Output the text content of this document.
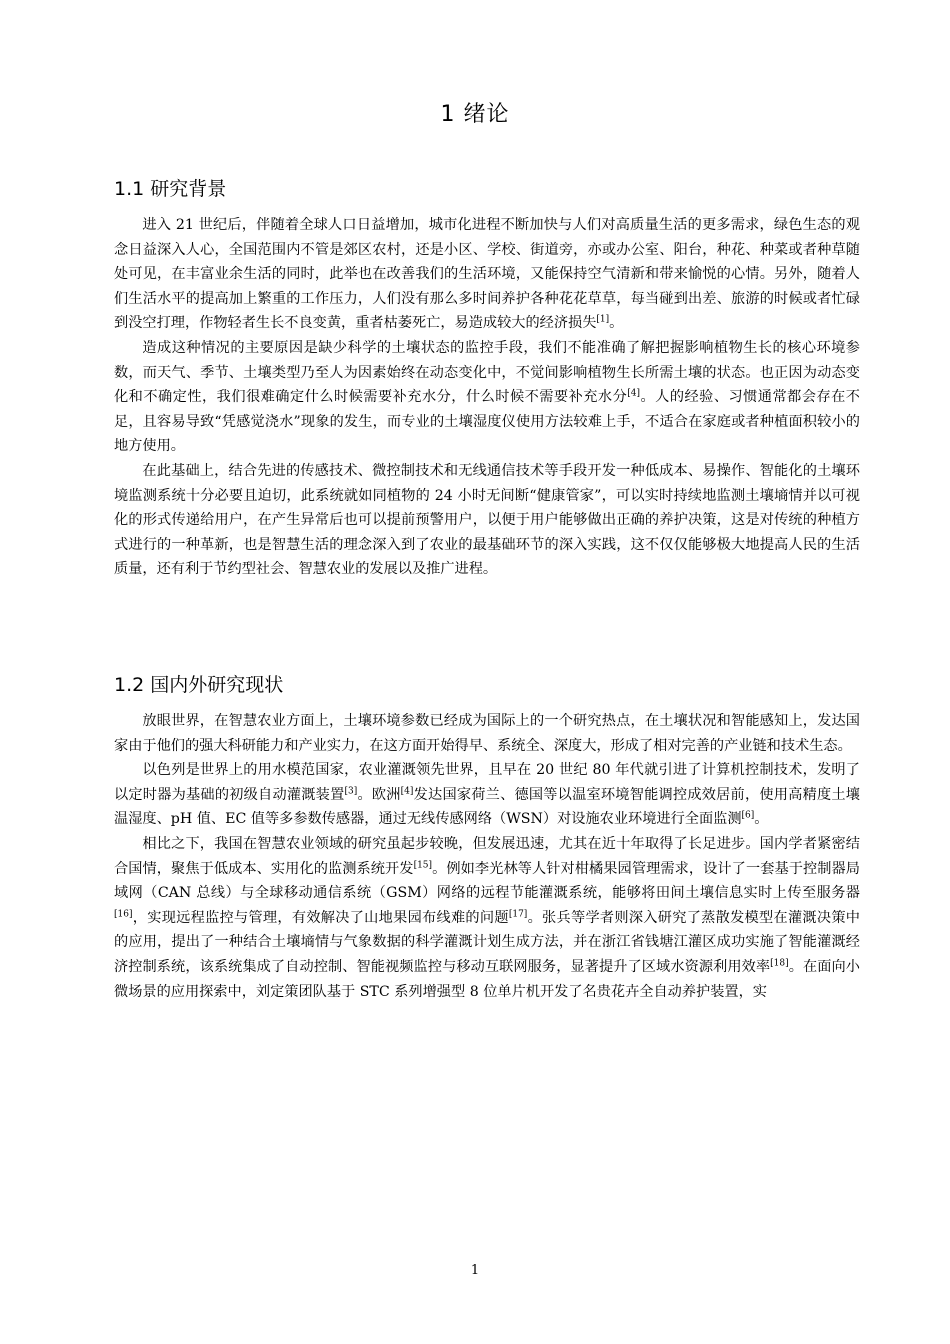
1 绪论
1.1 研究背景

进入 21 世纪后，伴随着全球人口日益增加，城市化进程不断加快与人们对高质量生活的更多需求，绿色生态的观念日益深入人心，全国范围内不管是郊区农村，还是小区、学校、街道旁，亦或办公室、阳台，种花、种菜或者种草随处可见，在丰富业余生活的同时，此举也在改善我们的生活环境，又能保持空气清新和带来愉悦的心情。另外，随着人们生活水平的提高加上繁重的工作压力，人们没有那么多时间养护各种花花草草，每当碰到出差、旅游的时候或者忙碌到没空打理，作物轻者生长不良变黄，重者枯萎死亡，易造成较大的经济损失[1]。

造成这种情况的主要原因是缺少科学的土壤状态的监控手段，我们不能准确了解把握影响植物生长的核心环境参数，而天气、季节、土壤类型乃至人为因素始终在动态变化中，不觉间影响植物生长所需土壤的状态。也正因为动态变化和不确定性，我们很难确定什么时候需要补充水分，什么时候不需要补充水分[4]。人的经验、习惯通常都会存在不足，且容易导致“凭感觉浇水”现象的发生，而专业的土壤湿度仪使用方法较难上手，不适合在家庭或者种植面积较小的地方使用。

在此基础上，结合先进的传感技术、微控制技术和无线通信技术等手段开发一种低成本、易操作、智能化的土壤环境监测系统十分必要且迫切，此系统就如同植物的 24 小时无间断“健康管家”，可以实时持续地监测土壤墒情并以可视化的形式传递给用户，在产生异常后也可以提前预警用户，以便于用户能够做出正确的养护决策，这是对传统的种植方式进行的一种革新，也是智慧生活的理念深入到了农业的最基础环节的深入实践，这不仅仅能够极大地提高人民的生活质量，还有利于节约型社会、智慧农业的发展以及推广进程。

1.2 国内外研究现状

放眼世界，在智慧农业方面上，土壤环境参数已经成为国际上的一个研究热点，在土壤状况和智能感知上，发达国家由于他们的强大科研能力和产业实力，在这方面开始得早、系统全、深度大，形成了相对完善的产业链和技术生态。

以色列是世界上的用水模范国家，农业灌溉领先世界，且早在 20 世纪 80 年代就引进了计算机控制技术，发明了以定时器为基础的初级自动灌溉装置[3]。欧洲[4]发达国家荷兰、德国等以温室环境智能调控成效居前，使用高精度土壤温湿度、pH 值、EC 值等多参数传感器，通过无线传感网络（WSN）对设施农业环境进行全面监测[6]。

相比之下，我国在智慧农业领域的研究虽起步较晚，但发展迅速，尤其在近十年取得了长足进步。国内学者紧密结合国情，聚焦于低成本、实用化的监测系统开发[15]。例如李光林等人针对柑橘果园管理需求，设计了一套基于控制器局域网（CAN 总线）与全球移动通信系统（GSM）网络的远程节能灌溉系统，能够将田间土壤信息实时上传至服务器[16]，实现远程监控与管理，有效解决了山地果园布线难的问题[17]。张兵等学者则深入研究了蒸散发模型在灌溉决策中的应用，提出了一种结合土壤墒情与气象数据的科学灌溉计划生成方法，并在浙江省钱塘江灌区成功实施了智能灌溉经济控制系统，该系统集成了自动控制、智能视频监控与移动互联网服务，显著提升了区域水资源利用效率[18]。在面向小微场景的应用探索中，刘定策团队基于 STC 系列增强型 8 位单片机开发了名贵花卉全自动养护装置，实

1
